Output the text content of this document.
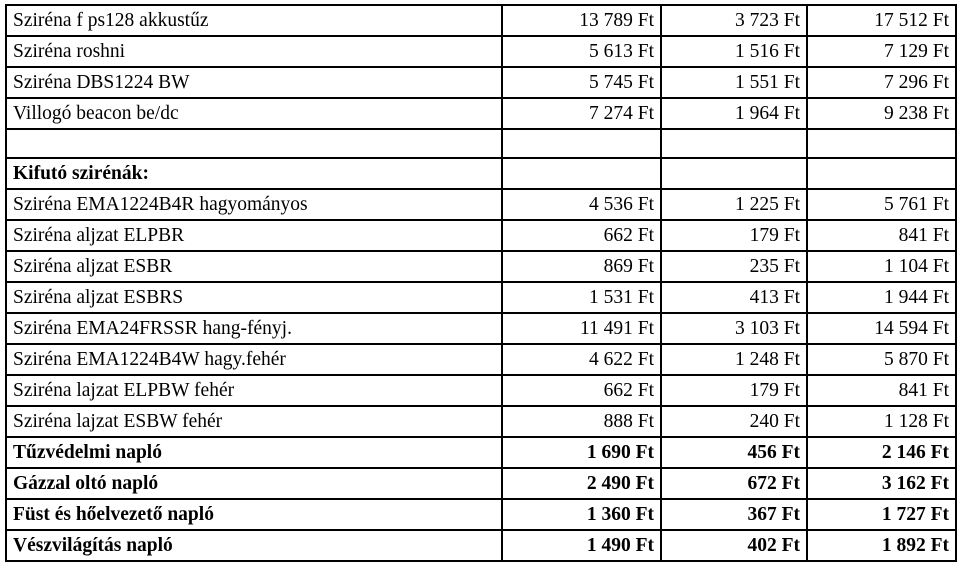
Sziréna f ps128 akkustűz	13 789 Ft	3 723 Ft	17 512 Ft
Sziréna roshni	5 613 Ft	1 516 Ft	7 129 Ft
Sziréna DBS1224 BW	5 745 Ft	1 551 Ft	7 296 Ft
Villogó beacon be/dc	7 274 Ft	1 964 Ft	9 238 Ft

Kifutó szirénák:			
Sziréna EMA1224B4R hagyományos	4 536 Ft	1 225 Ft	5 761 Ft
Sziréna aljzat ELPBR	662 Ft	179 Ft	841 Ft
Sziréna aljzat ESBR	869 Ft	235 Ft	1 104 Ft
Sziréna aljzat ESBRS	1 531 Ft	413 Ft	1 944 Ft
Sziréna EMA24FRSSR hang-fényj.	11 491 Ft	3 103 Ft	14 594 Ft
Sziréna EMA1224B4W hagy.fehér	4 622 Ft	1 248 Ft	5 870 Ft
Sziréna lajzat ELPBW fehér	662 Ft	179 Ft	841 Ft
Sziréna lajzat ESBW fehér	888 Ft	240 Ft	1 128 Ft
Tűzvédelmi napló	1 690 Ft	456 Ft	2 146 Ft
Gázzal oltó napló	2 490 Ft	672 Ft	3 162 Ft
Füst és hőelvezető napló	1 360 Ft	367 Ft	1 727 Ft
Vészvilágítás napló	1 490 Ft	402 Ft	1 892 Ft
